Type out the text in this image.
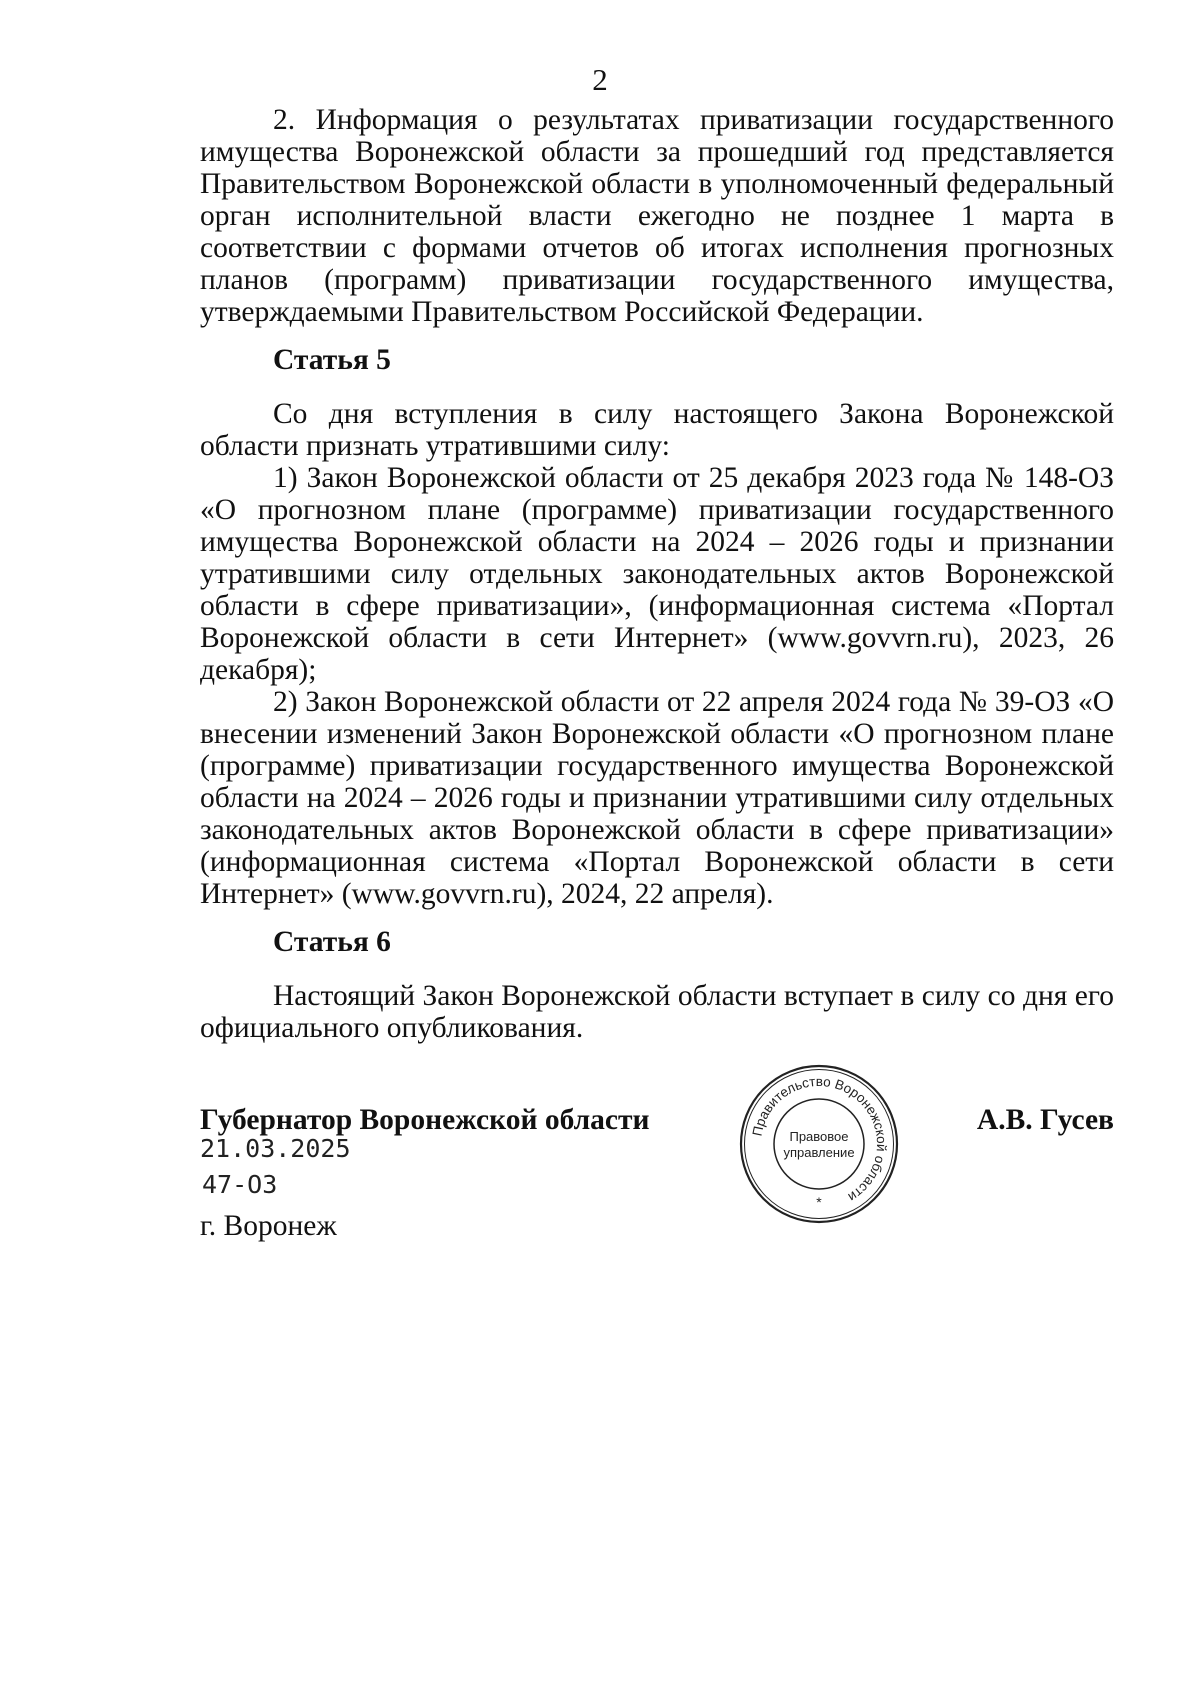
2

2. Информация о результатах приватизации государственного имущества Воронежской области за прошедший год представляется Правительством Воронежской области в уполномоченный федеральный орган исполнительной власти ежегодно не позднее 1 марта в соответствии с формами отчетов об итогах исполнения прогнозных планов (программ) приватизации государственного имущества, утверждаемыми Правительством Российской Федерации.

Статья 5

Со дня вступления в силу настоящего Закона Воронежской области признать утратившими силу:

1) Закон Воронежской области от 25 декабря 2023 года № 148-ОЗ «О прогнозном плане (программе) приватизации государственного имущества Воронежской области на 2024 – 2026 годы и признании утратившими силу отдельных законодательных актов Воронежской области в сфере приватизации», (информационная система «Портал Воронежской области в сети Интернет» (www.govvrn.ru), 2023, 26 декабря);

2) Закон Воронежской области от 22 апреля 2024 года № 39-ОЗ «О внесении изменений Закон Воронежской области «О прогнозном плане (программе) приватизации государственного имущества Воронежской области на 2024 – 2026 годы и признании утратившими силу отдельных законодательных актов Воронежской области в сфере приватизации» (информационная система «Портал Воронежской области в сети Интернет» (www.govvrn.ru), 2024, 22 апреля).

Статья 6

Настоящий Закон Воронежской области вступает в силу со дня его официального опубликования.

Губернатор Воронежской области
21.03.2025
47-ОЗ
г. Воронеж
А.В. Гусев
Правительство Воронежской области
Правовое
управление
*
